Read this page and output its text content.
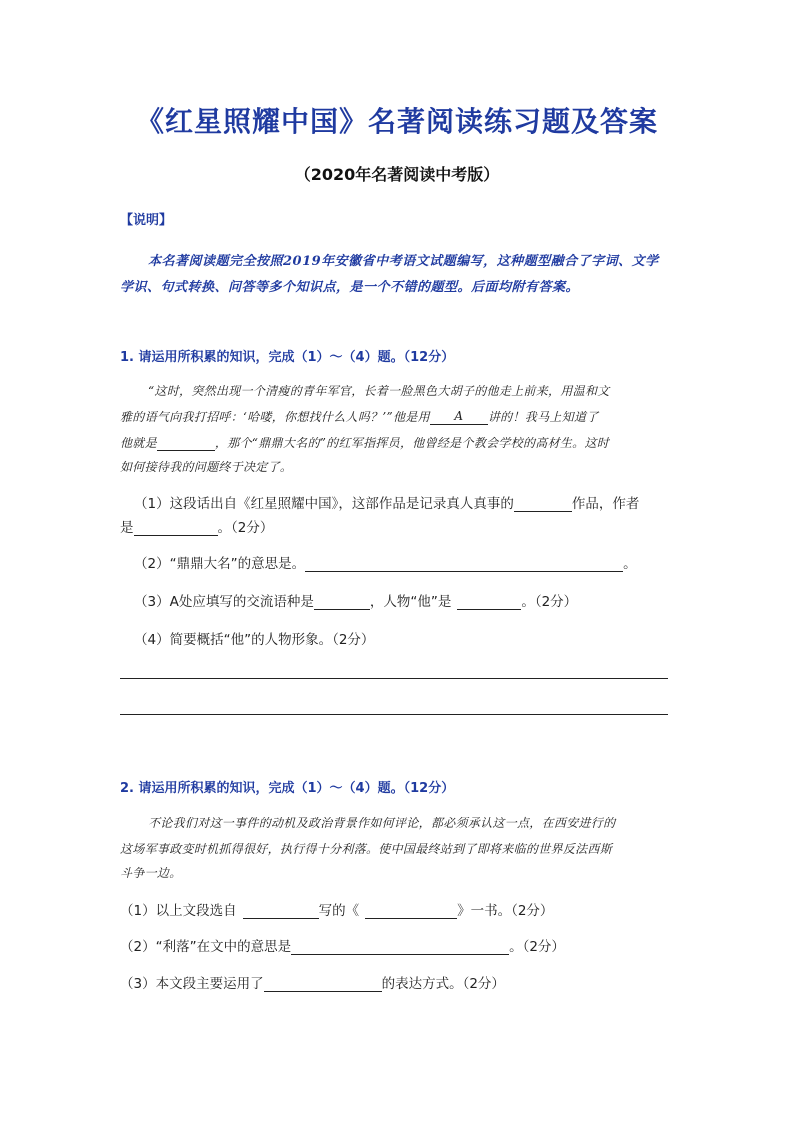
《红星照耀中国》名著阅读练习题及答案
（2020年名著阅读中考版）
【说明】
本名著阅读题完全按照2019年安徽省中考语文试题编写，这种题型融合了字词、文学
学识、句式转换、问答等多个知识点，是一个不错的题型。后面均附有答案。
1. 请运用所积累的知识，完成（1）～（4）题。（12分）
“这时，突然出现一个清瘦的青年军官，长着一脸黑色大胡子的他走上前来，用温和文
雅的语气向我打招呼：‘哈喽，你想找什么人吗？’”他是用 A 讲的！我马上知道了
他就是	，那个“鼎鼎大名的”的红军指挥员，他曾经是个教会学校的高材生。这时
如何接待我的问题终于决定了。
（1）这段话出自《红星照耀中国》，这部作品是记录真人真事的	作品，作者
是	。（2分）
（2）“鼎鼎大名”的意思是。	。
（3）A处应填写的交流语种是	，人物“他”是	。（2分）
（4）简要概括“他”的人物形象。（2分）
2. 请运用所积累的知识，完成（1）～（4）题。（12分）
不论我们对这一事件的动机及政治背景作如何评论，都必须承认这一点，在西安进行的
这场军事政变时机抓得很好，执行得十分利落。使中国最终站到了即将来临的世界反法西斯
斗争一边。
（1）以上文段选自	写的《	》一书。（2分）
（2）“利落”在文中的意思是	。（2分）
（3）本文段主要运用了	的表达方式。（2分）
